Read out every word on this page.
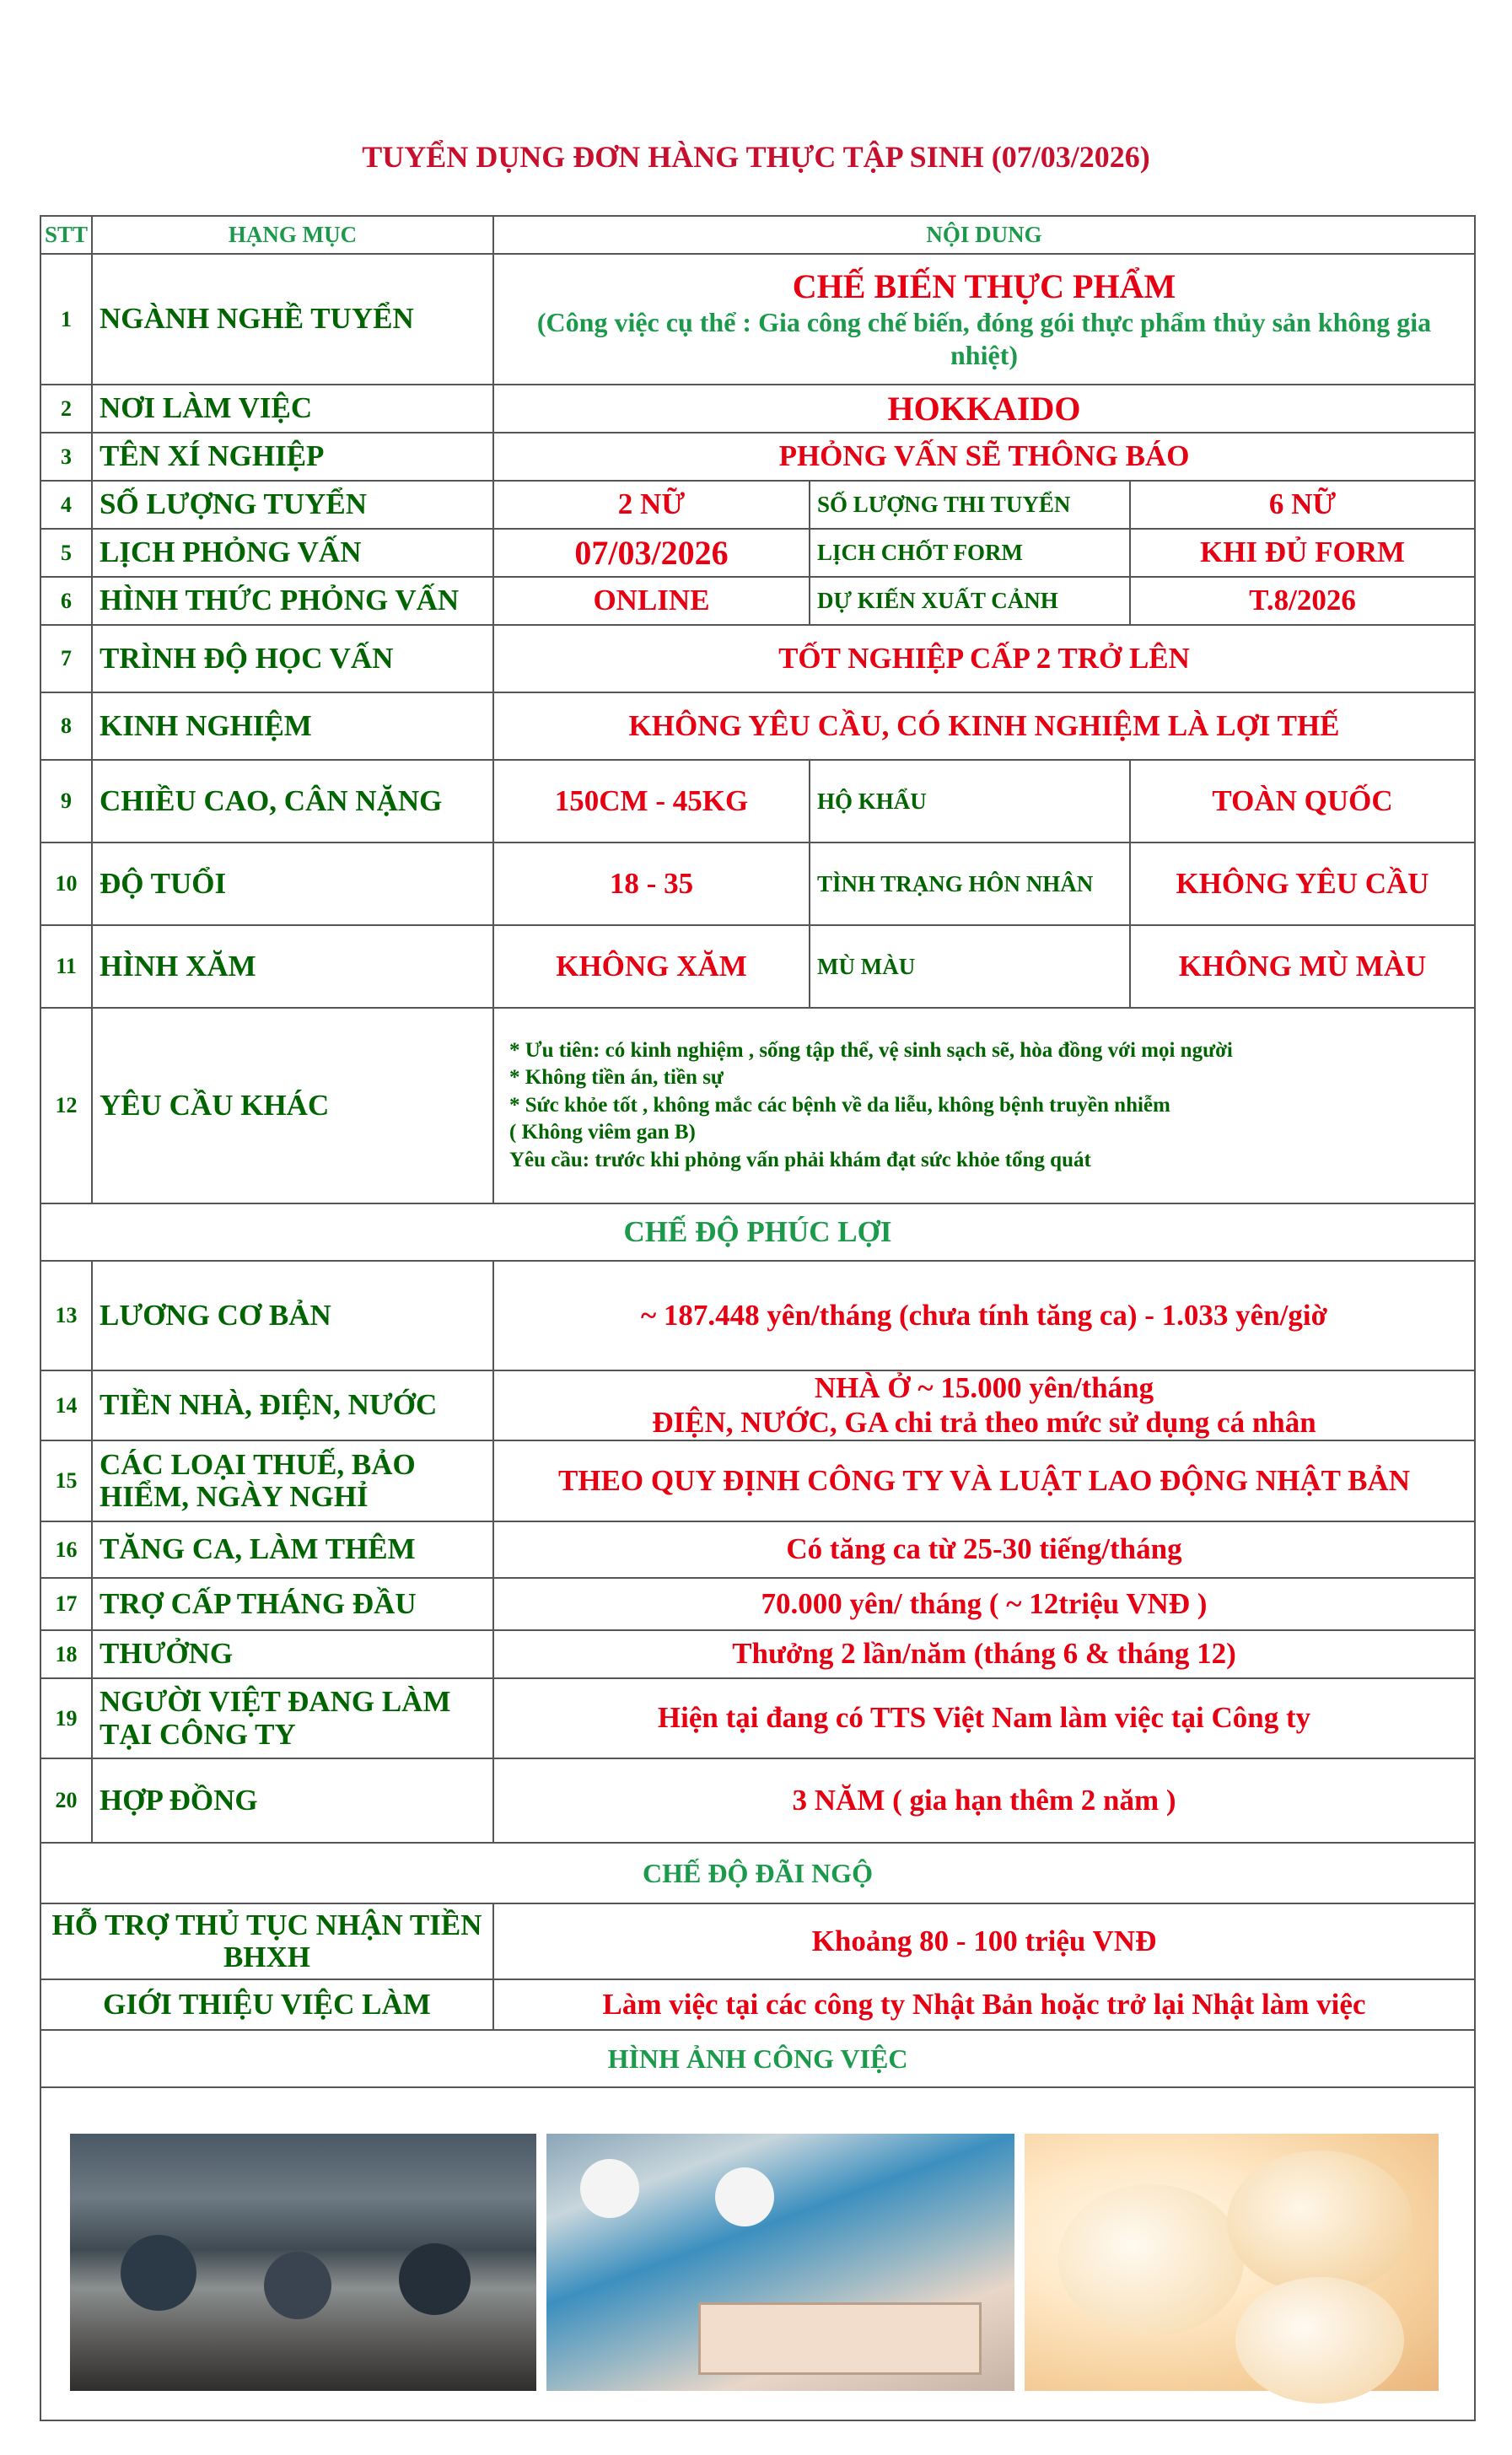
TUYỂN DỤNG ĐƠN HÀNG THỰC TẬP SINH (07/03/2026)
STT	HẠNG MỤC	NỘI DUNG		
1	NGÀNH NGHỀ TUYỂN	CHẾ BIẾN THỰC PHẨM
(Công việc cụ thể : Gia công chế biến, đóng gói thực phẩm thủy sản không gia nhiệt)		

2	NƠI LÀM VIỆC	HOKKAIDO		
3	TÊN XÍ NGHIỆP	PHỎNG VẤN SẼ THÔNG BÁO		
4	SỐ LƯỢNG TUYỂN	2 NỮ	SỐ LƯỢNG THI TUYỂN	6 NỮ
5	LỊCH PHỎNG VẤN	07/03/2026	LỊCH CHỐT FORM	KHI ĐỦ FORM
6	HÌNH THỨC PHỎNG VẤN	ONLINE	DỰ KIẾN XUẤT CẢNH	T.8/2026
7	TRÌNH ĐỘ HỌC VẤN	TỐT NGHIỆP CẤP 2 TRỞ LÊN		
8	KINH NGHIỆM	KHÔNG YÊU CẦU, CÓ KINH NGHIỆM LÀ LỢI THẾ		
9	CHIỀU CAO, CÂN NẶNG	150CM - 45KG	HỘ KHẨU	TOÀN QUỐC
10	ĐỘ TUỔI	18 - 35	TÌNH TRẠNG HÔN NHÂN	KHÔNG YÊU CẦU
11	HÌNH XĂM	KHÔNG XĂM	MÙ MÀU	KHÔNG MÙ MÀU
12	YÊU CẦU KHÁC	* Ưu tiên: có kinh nghiệm , sống tập thể, vệ sinh sạch sẽ, hòa đồng với mọi người
* Không tiền án, tiền sự
* Sức khỏe tốt , không mắc các bệnh về da liễu, không bệnh truyền nhiễm
( Không viêm gan B)
Yêu cầu: trước khi phỏng vấn phải khám đạt sức khỏe tổng quát		

CHẾ ĐỘ PHÚC LỢI				
13	LƯƠNG CƠ BẢN	~ 187.448 yên/tháng (chưa tính tăng ca) - 1.033 yên/giờ		
14	TIỀN NHÀ, ĐIỆN, NƯỚC	NHÀ Ở ~ 15.000 yên/tháng
ĐIỆN, NƯỚC, GA chi trả theo mức sử dụng cá nhân		

15	CÁC LOẠI THUẾ, BẢO HIỂM, NGÀY NGHỈ	THEO QUY ĐỊNH CÔNG TY VÀ LUẬT LAO ĐỘNG NHẬT BẢN		
16	TĂNG CA, LÀM THÊM	Có tăng ca từ 25-30 tiếng/tháng		
17	TRỢ CẤP THÁNG ĐẦU	70.000 yên/ tháng ( ~ 12triệu VNĐ )		
18	THƯỞNG	Thưởng 2 lần/năm (tháng 6 & tháng 12)		
19	NGƯỜI VIỆT ĐANG LÀM TẠI CÔNG TY	Hiện tại đang có TTS Việt Nam làm việc tại Công ty		
20	HỢP ĐỒNG	3 NĂM ( gia hạn thêm 2 năm )		
CHẾ ĐỘ ĐÃI NGỘ				
HỖ TRỢ THỦ TỤC NHẬN TIỀN BHXH		Khoảng 80 - 100 triệu VNĐ		
GIỚI THIỆU VIỆC LÀM		Làm việc tại các công ty Nhật Bản hoặc trở lại Nhật làm việc		
HÌNH ẢNH CÔNG VIỆC				
